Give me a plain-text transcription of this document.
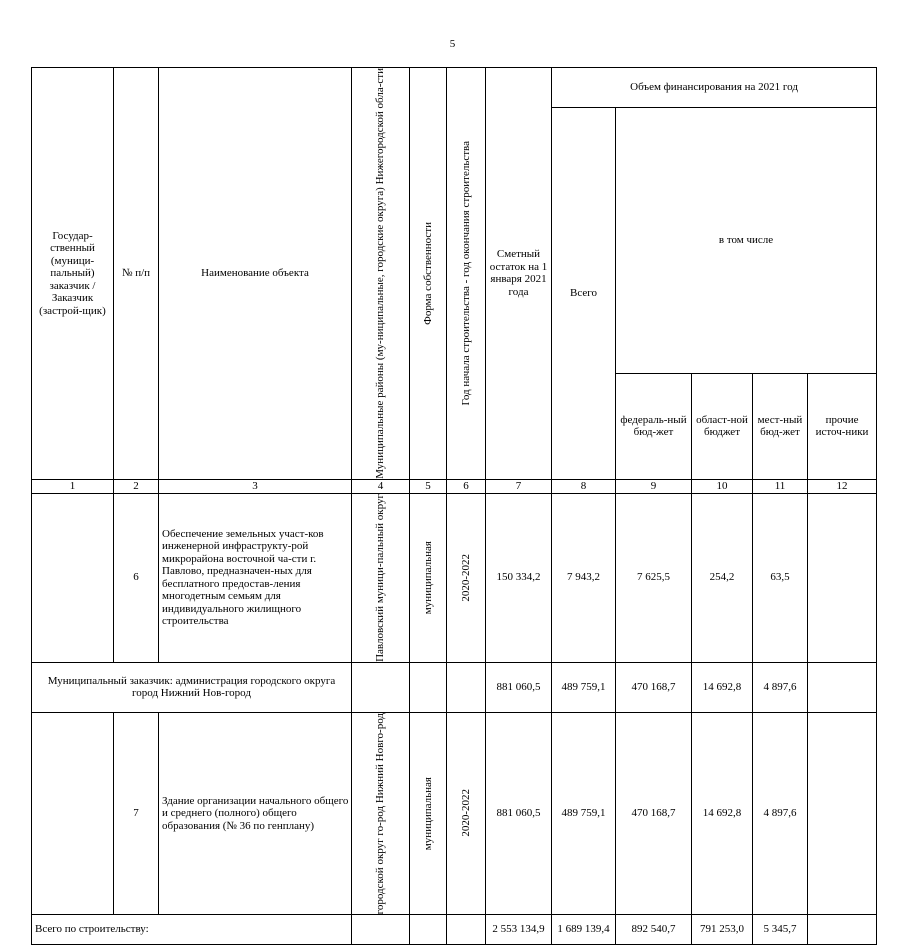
5
Государ-ственный (муници-пальный) заказчик / Заказчик (застрой-щик)	№ п/п	Наименование объекта	Муниципальные районы (му-ниципальные, городские округа) Нижегородской обла-сти	Форма собственности	Год начала строительства - год окончания строительства	Сметный остаток на 1 января 2021 года	Объем финансирования на 2021 год				
							Всего	в том числе			
								федераль-ный бюд-жет	област-ной бюджет	мест-ный бюд-жет	прочие источ-ники
1	2	3	4	5	6	7	8	9	10	11	12
	6	Обеспечение земельных участ-ков инженерной инфраструкту-рой микрорайона восточной ча-сти г. Павлово, предназначен-ных для бесплатного предостав-ления многодетным семьям для индивидуального жилищного строительства	Павловский муници-пальный округ	муниципальная	2020-2022	150 334,2	7 943,2	7 625,5	254,2	63,5	
Муниципальный заказчик: администрация городского округа город Нижний Нов-город						881 060,5	489 759,1	470 168,7	14 692,8	4 897,6	
	7	Здание организации начального общего и среднего (полного) общего образования (№ 36 по генплану)	городской округ го-род Нижний Новго-род	муниципальная	2020-2022	881 060,5	489 759,1	470 168,7	14 692,8	4 897,6	
Всего по строительству:						2 553 134,9	1 689 139,4	892 540,7	791 253,0	5 345,7	
